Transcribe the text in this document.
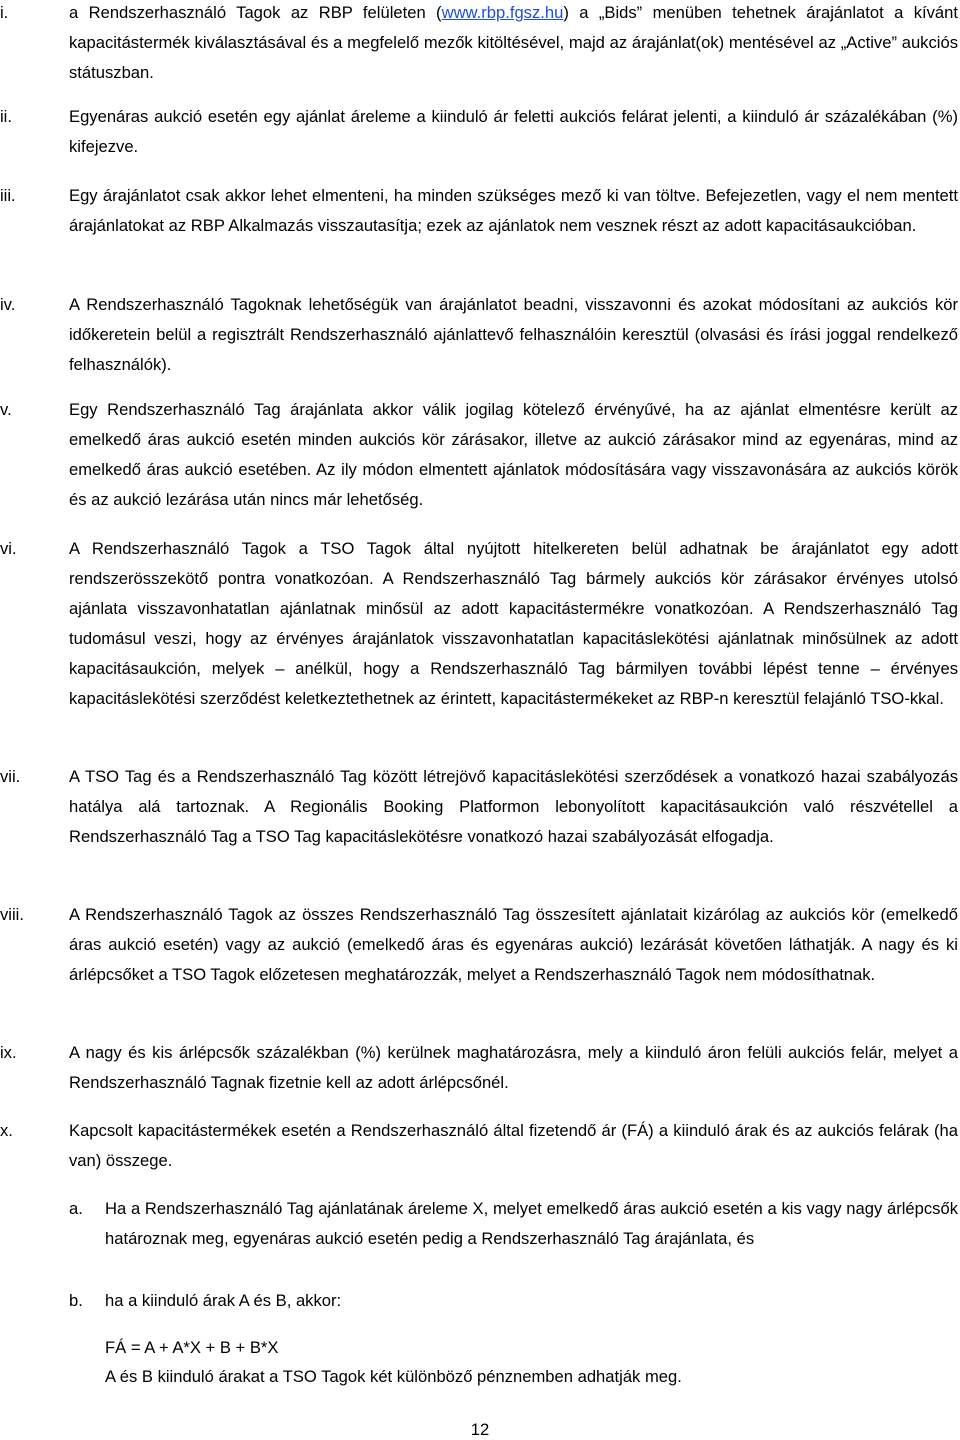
i.	a Rendszerhasználó Tagok az RBP felületen (www.rbp.fgsz.hu) a „Bids” menüben tehetnek árajánlatot a kívánt kapacitástermék kiválasztásával és a megfelelő mezők kitöltésével, majd az árajánlat(ok) mentésével az „Active” aukciós státuszban.
ii.	Egyenáras aukció esetén egy ajánlat áreleme a kiinduló ár feletti aukciós felárat jelenti, a kiinduló ár százalékában (%) kifejezve.
iii.	Egy árajánlatot csak akkor lehet elmenteni, ha minden szükséges mező ki van töltve. Befejezetlen, vagy el nem mentett árajánlatokat az RBP Alkalmazás visszautasítja; ezek az ajánlatok nem vesznek részt az adott kapacitásaukcióban.
iv.	A Rendszerhasználó Tagoknak lehetőségük van árajánlatot beadni, visszavonni és azokat módosítani az aukciós kör időkeretein belül a regisztrált Rendszerhasználó ajánlattevő felhasználóin keresztül (olvasási és írási joggal rendelkező felhasználók).
v.	Egy Rendszerhasználó Tag árajánlata akkor válik jogilag kötelező érvényűvé, ha az ajánlat elmentésre került az emelkedő áras aukció esetén minden aukciós kör zárásakor, illetve az aukció zárásakor mind az egyenáras, mind az emelkedő áras aukció esetében. Az ily módon elmentett ajánlatok módosítására vagy visszavonására az aukciós körök és az aukció lezárása után nincs már lehetőség.
vi.	A Rendszerhasználó Tagok a TSO Tagok által nyújtott hitelkereten belül adhatnak be árajánlatot egy adott rendszerösszekötő pontra vonatkozóan. A Rendszerhasználó Tag bármely aukciós kör zárásakor érvényes utolsó ajánlata visszavonhatatlan ajánlatnak minősül az adott kapacitástermékre vonatkozóan. A Rendszerhasználó Tag tudomásul veszi, hogy az érvényes árajánlatok visszavonhatatlan kapacitáslekötési ajánlatnak minősülnek az adott kapacitásaukción, melyek – anélkül, hogy a Rendszerhasználó Tag bármilyen további lépést tenne – érvényes kapacitáslekötési szerződést keletkeztethetnek az érintett, kapacitástermékeket az RBP-n keresztül felajánló TSO-kkal.
vii.	A TSO Tag és a Rendszerhasználó Tag között létrejövő kapacitáslekötési szerződések a vonatkozó hazai szabályozás hatálya alá tartoznak. A Regionális Booking Platformon lebonyolított kapacitásaukción való részvétellel a Rendszerhasználó Tag a TSO Tag kapacitáslekötésre vonatkozó hazai szabályozását elfogadja.
viii.	A Rendszerhasználó Tagok az összes Rendszerhasználó Tag összesített ajánlatait kizárólag az aukciós kör (emelkedő áras aukció esetén) vagy az aukció (emelkedő áras és egyenáras aukció) lezárását követően láthatják. A nagy és ki árlépcsőket a TSO Tagok előzetesen meghatározzák, melyet a Rendszerhasználó Tagok nem módosíthatnak.
ix.	A nagy és kis árlépcsők százalékban (%) kerülnek maghatározásra, mely a kiinduló áron felüli aukciós felár, melyet a Rendszerhasználó Tagnak fizetnie kell az adott árlépcsőnél.
x.	Kapcsolt kapacitástermékek esetén a Rendszerhasználó által fizetendő ár (FÁ) a kiinduló árak és az aukciós felárak (ha van) összege.
a. Ha a Rendszerhasználó Tag ajánlatának áreleme X, melyet emelkedő áras aukció esetén a kis vagy nagy árlépcsők határoznak meg, egyenáras aukció esetén pedig a Rendszerhasználó Tag árajánlata, és
b. ha a kiinduló árak A és B, akkor:
FÁ = A + A*X + B + B*X
A és B kiinduló árakat a TSO Tagok két különböző pénznemben adhatják meg.
12
